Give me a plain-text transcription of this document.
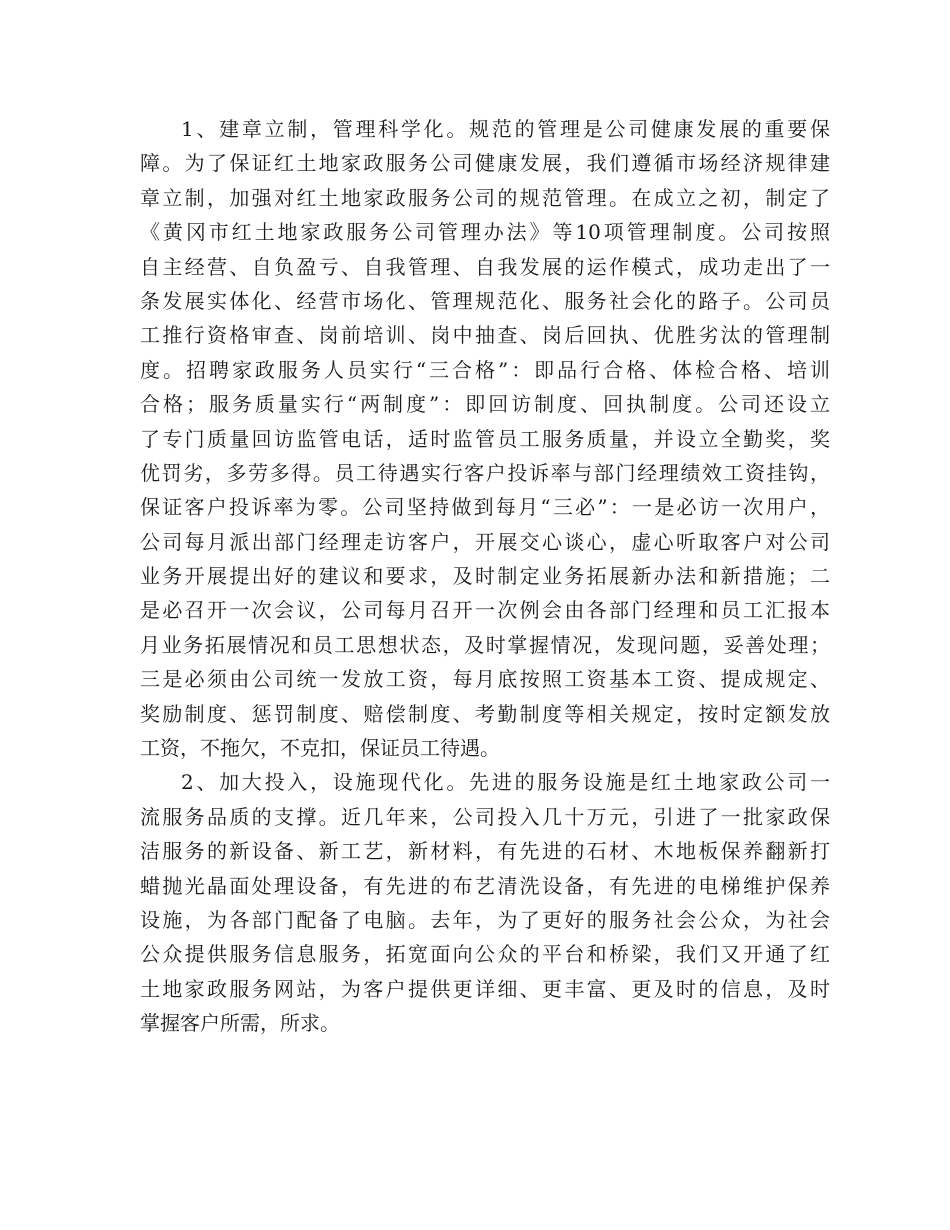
1、建章立制，管理科学化。规范的管理是公司健康发展的重要保
障。为了保证红土地家政服务公司健康发展，我们遵循市场经济规律建
章立制，加强对红土地家政服务公司的规范管理。在成立之初，制定了
《黄冈市红土地家政服务公司管理办法》等10项管理制度。公司按照
自主经营、自负盈亏、自我管理、自我发展的运作模式，成功走出了一
条发展实体化、经营市场化、管理规范化、服务社会化的路子。公司员
工推行资格审查、岗前培训、岗中抽查、岗后回执、优胜劣汰的管理制
度。招聘家政服务人员实行“三合格”：即品行合格、体检合格、培训
合格；服务质量实行“两制度”：即回访制度、回执制度。公司还设立
了专门质量回访监管电话，适时监管员工服务质量，并设立全勤奖，奖
优罚劣，多劳多得。员工待遇实行客户投诉率与部门经理绩效工资挂钩，
保证客户投诉率为零。公司坚持做到每月“三必”：一是必访一次用户，
公司每月派出部门经理走访客户，开展交心谈心，虚心听取客户对公司
业务开展提出好的建议和要求，及时制定业务拓展新办法和新措施；二
是必召开一次会议，公司每月召开一次例会由各部门经理和员工汇报本
月业务拓展情况和员工思想状态，及时掌握情况，发现问题，妥善处理；
三是必须由公司统一发放工资，每月底按照工资基本工资、提成规定、
奖励制度、惩罚制度、赔偿制度、考勤制度等相关规定，按时定额发放
工资，不拖欠，不克扣，保证员工待遇。
2、加大投入，设施现代化。先进的服务设施是红土地家政公司一
流服务品质的支撑。近几年来，公司投入几十万元，引进了一批家政保
洁服务的新设备、新工艺，新材料，有先进的石材、木地板保养翻新打
蜡抛光晶面处理设备，有先进的布艺清洗设备，有先进的电梯维护保养
设施，为各部门配备了电脑。去年，为了更好的服务社会公众，为社会
公众提供服务信息服务，拓宽面向公众的平台和桥梁，我们又开通了红
土地家政服务网站，为客户提供更详细、更丰富、更及时的信息，及时
掌握客户所需，所求。
